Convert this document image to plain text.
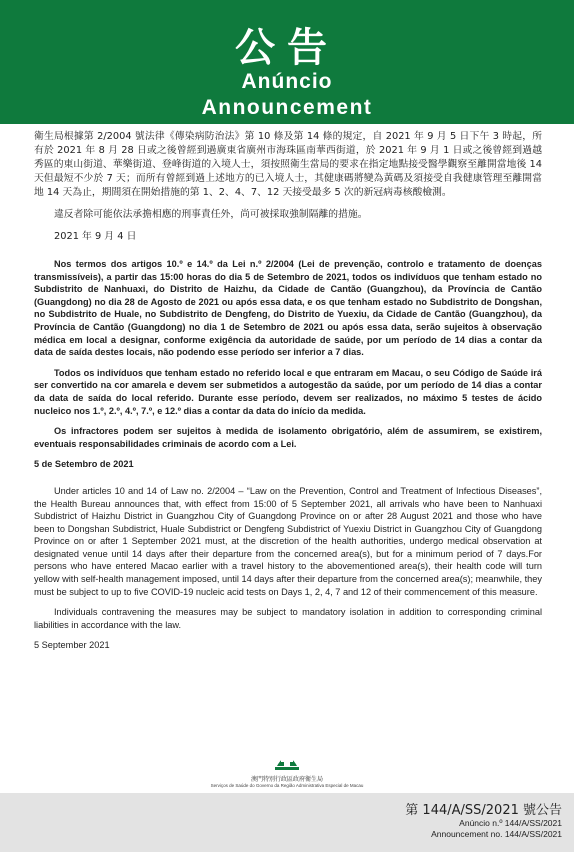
公告
Anúncio
Announcement

衛生局根據第 2/2004 號法律《傳染病防治法》第 10 條及第 14 條的規定，自 2021 年 9 月 5 日下午 3 時起，所有於 2021 年 8 月 28 日或之後曾經到過廣東省廣州市海珠區南華西街道，於 2021 年 9 月 1 日或之後曾經到過越秀區的東山街道、華樂街道、登峰街道的入境人士，須按照衛生當局的要求在指定地點接受醫學觀察至離開當地後 14 天但最短不少於 7 天；而所有曾經到過上述地方的已入境人士，其健康碼將變為黃碼及須接受自我健康管理至離開當地 14 天為止，期間須在開始措施的第 1、2、4、7、12 天接受最多 5 次的新冠病毒核酸檢測。

違反者除可能依法承擔相應的刑事責任外，尚可被採取強制隔離的措施。

2021 年 9 月 4 日

Nos termos dos artigos 10.º e 14.º da Lei n.º 2/2004 (Lei de prevenção, controlo e tratamento de doenças transmissíveis), a partir das 15:00 horas do dia 5 de Setembro de 2021, todos os indivíduos que tenham estado no Subdistrito de Nanhuaxi, do Distrito de Haizhu, da Cidade de Cantão (Guangzhou), da Província de Cantão (Guangdong) no dia 28 de Agosto de 2021 ou após essa data, e os que tenham estado no Subdistrito de Dongshan, no Subdistrito de Huale, no Subdistrito de Dengfeng, do Distrito de Yuexiu, da Cidade de Cantão (Guangzhou), da Província de Cantão (Guangdong) no dia 1 de Setembro de 2021 ou após essa data, serão sujeitos à observação médica em local a designar, conforme exigência da autoridade de saúde, por um período de 14 dias a contar da data de saída destes locais, não podendo esse período ser inferior a 7 dias.

Todos os indivíduos que tenham estado no referido local e que entraram em Macau, o seu Código de Saúde irá ser convertido na cor amarela e devem ser submetidos a autogestão da saúde, por um período de 14 dias a contar da data de saída do local referido. Durante esse período, devem ser realizados, no máximo 5 testes de ácido nucleico nos 1.º, 2.º, 4.º, 7.º, e 12.º dias a contar da data do início da medida.

Os infractores podem ser sujeitos à medida de isolamento obrigatório, além de assumirem, se existirem, eventuais responsabilidades criminais de acordo com a Lei.

5 de Setembro de 2021

Under articles 10 and 14 of Law no. 2/2004 – “Law on the Prevention, Control and Treatment of Infectious Diseases”, the Health Bureau announces that, with effect from 15:00 of 5 September 2021, all arrivals who have been to Nanhuaxi Subdistrict of Haizhu District in Guangzhou City of Guangdong Province on or after 28 August 2021 and those who have been to Dongshan Subdistrict, Huale Subdistrict or Dengfeng Subdistrict of Yuexiu District in Guangzhou City of Guangdong Province on or after 1 September 2021 must, at the discretion of the health authorities, undergo medical observation at designated venue until 14 days after their departure from the concerned area(s), but for a minimum period of 7 days.For persons who have entered Macao earlier with a travel history to the abovementioned area(s), their health code will turn yellow with self-health management imposed, until 14 days after their departure from the concerned area(s); meanwhile, they must be subject to up to five COVID-19 nucleic acid tests on Days 1, 2, 4, 7 and 12 of their commencement of this measure.

Individuals contravening the measures may be subject to mandatory isolation in addition to corresponding criminal liabilities in accordance with the law.

5 September 2021

澳門特別行政區政府衛生局
Serviços de Saúde do Governo da Região Administrativa Especial de Macau
第 144/A/SS/2021 號公告
Anúncio n.º 144/A/SS/2021
Announcement no. 144/A/SS/2021
